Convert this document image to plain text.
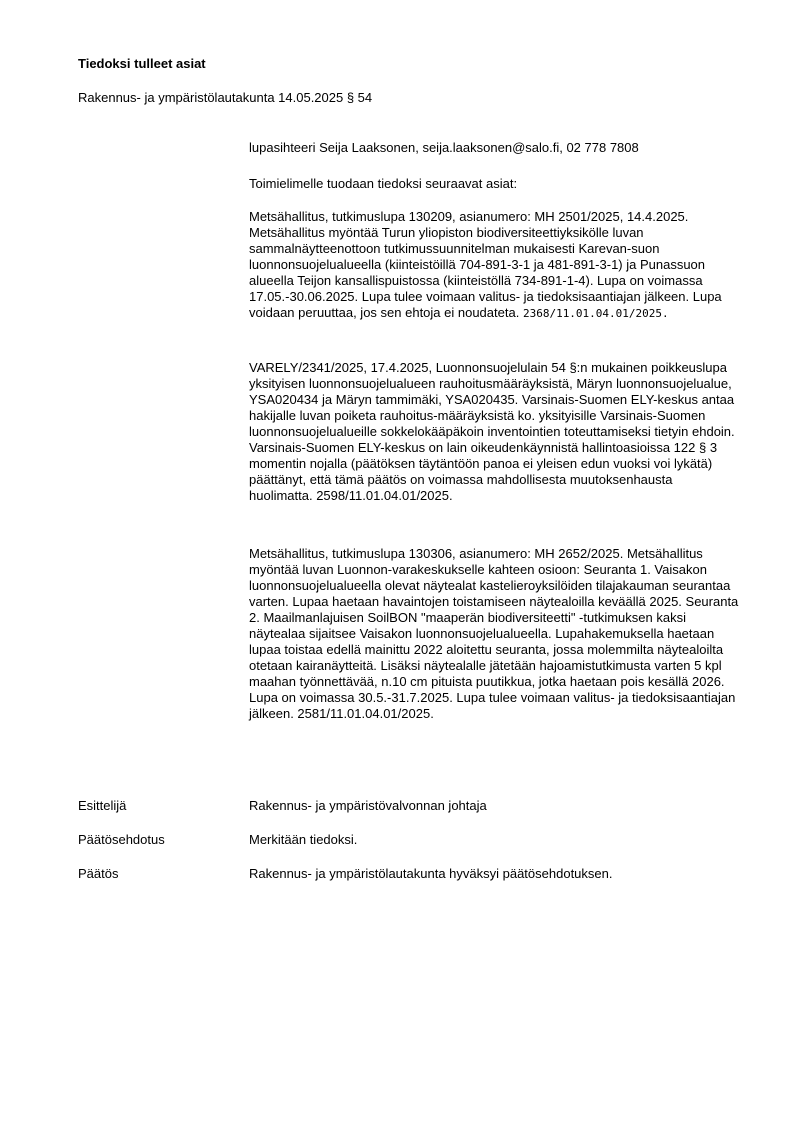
Tiedoksi tulleet asiat
Rakennus- ja ympäristölautakunta 14.05.2025 § 54
lupasihteeri Seija Laaksonen, seija.laaksonen@salo.fi, 02 778 7808
Toimielimelle tuodaan tiedoksi seuraavat asiat:
Metsähallitus, tutkimuslupa 130209, asianumero: MH 2501/2025, 14.4.2025. Metsähallitus myöntää Turun yliopiston biodiversiteettiyksikölle luvan sammalnäytteenottoon tutkimussuunnitelman mukaisesti Karevan-suon luonnonsuojelualueella (kiinteistöillä 704-891-3-1 ja 481-891-3-1) ja Punassuon alueella Teijon kansallispuistossa (kiinteistöllä 734-891-1-4). Lupa on voimassa 17.05.-30.06.2025. Lupa tulee voimaan valitus- ja tiedoksisaantiajan jälkeen. Lupa voidaan peruuttaa, jos sen ehtoja ei noudateta. 2368/11.01.04.01/2025.
VARELY/2341/2025, 17.4.2025, Luonnonsuojelulain 54 §:n mukainen poikkeuslupa yksityisen luonnonsuojelualueen rauhoitusmääräyksistä, Märyn luonnonsuojelualue, YSA020434 ja Märyn tammimäki, YSA020435. Varsinais-Suomen ELY-keskus antaa hakijalle luvan poiketa rauhoitus-määräyksistä ko. yksityisille Varsinais-Suomen luonnonsuojelualueille sokkelokääpäkoin inventointien toteuttamiseksi tietyin ehdoin. Varsinais-Suomen ELY-keskus on lain oikeudenkäynnistä hallintoasioissa 122 § 3 momentin nojalla (päätöksen täytäntöön panoa ei yleisen edun vuoksi voi lykätä) päättänyt, että tämä päätös on voimassa mahdollisesta muutoksenhausta huolimatta. 2598/11.01.04.01/2025.
Metsähallitus, tutkimuslupa 130306, asianumero: MH 2652/2025. Metsähallitus myöntää luvan Luonnon-varakeskukselle kahteen osioon: Seuranta 1. Vaisakon luonnonsuojelualueella olevat näytealat kastelieroyksilöiden tilajakauman seurantaa varten. Lupaa haetaan havaintojen toistamiseen näytealoilla keväällä 2025. Seuranta 2. Maailmanlajuisen SoilBON "maaperän biodiversiteetti" -tutkimuksen kaksi näytealaa sijaitsee Vaisakon luonnonsuojelualueella. Lupahakemuksella haetaan lupaa toistaa edellä mainittu 2022 aloitettu seuranta, jossa molemmilta näytealoilta otetaan kairanäytteitä. Lisäksi näytealalle jätetään hajoamistutkimusta varten 5 kpl maahan työnnettävää, n.10 cm pituista puutikkua, jotka haetaan pois kesällä 2026. Lupa on voimassa 30.5.-31.7.2025. Lupa tulee voimaan valitus- ja tiedoksisaantiajan jälkeen. 2581/11.01.04.01/2025.
Esittelijä	Rakennus- ja ympäristövalvonnan johtaja
Päätösehdotus	Merkitään tiedoksi.
Päätös	Rakennus- ja ympäristölautakunta hyväksyi päätösehdotuksen.
